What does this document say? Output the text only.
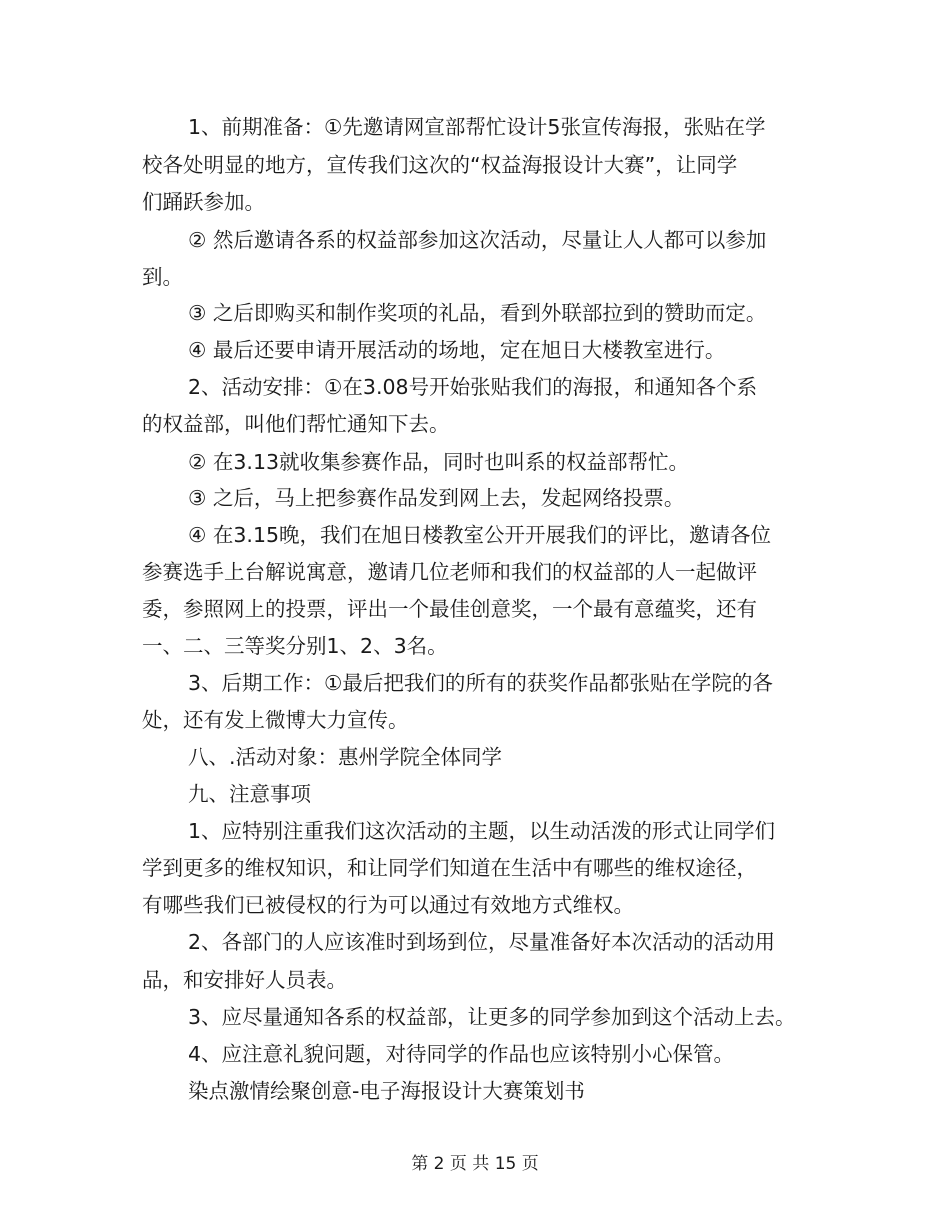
1、前期准备：①先邀请网宣部帮忙设计5张宣传海报，张贴在学
校各处明显的地方，宣传我们这次的“权益海报设计大赛”，让同学
们踊跃参加。
② 然后邀请各系的权益部参加这次活动，尽量让人人都可以参加
到。
③ 之后即购买和制作奖项的礼品，看到外联部拉到的赞助而定。
④ 最后还要申请开展活动的场地，定在旭日大楼教室进行。
2、活动安排：①在3.08号开始张贴我们的海报，和通知各个系
的权益部，叫他们帮忙通知下去。
② 在3.13就收集参赛作品，同时也叫系的权益部帮忙。
③ 之后，马上把参赛作品发到网上去，发起网络投票。
④ 在3.15晚，我们在旭日楼教室公开开展我们的评比，邀请各位
参赛选手上台解说寓意，邀请几位老师和我们的权益部的人一起做评
委，参照网上的投票，评出一个最佳创意奖，一个最有意蕴奖，还有
一、二、三等奖分别1、2、3名。
3、后期工作：①最后把我们的所有的获奖作品都张贴在学院的各
处，还有发上微博大力宣传。
八、.活动对象：惠州学院全体同学
九、注意事项
1、应特别注重我们这次活动的主题，以生动活泼的形式让同学们
学到更多的维权知识，和让同学们知道在生活中有哪些的维权途径，
有哪些我们已被侵权的行为可以通过有效地方式维权。
2、各部门的人应该准时到场到位，尽量准备好本次活动的活动用
品，和安排好人员表。
3、应尽量通知各系的权益部，让更多的同学参加到这个活动上去。
4、应注意礼貌问题，对待同学的作品也应该特别小心保管。
染点激情绘聚创意-电子海报设计大赛策划书
第 2 页 共 15 页
